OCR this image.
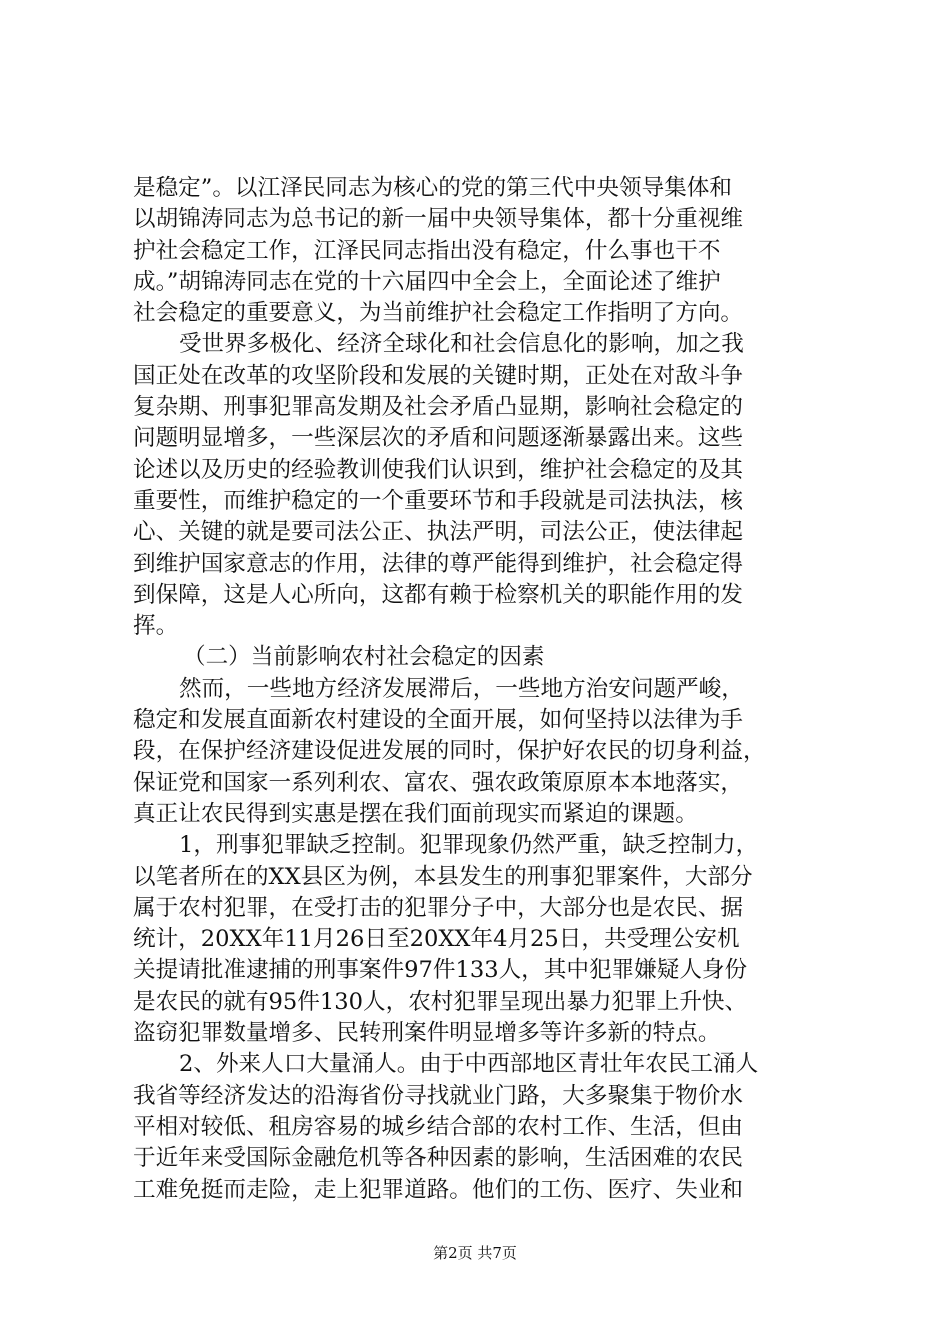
是稳定”。以江泽民同志为核心的党的第三代中央领导集体和
以胡锦涛同志为总书记的新一届中央领导集体，都十分重视维
护社会稳定工作，江泽民同志指出没有稳定，什么事也干不
成。”胡锦涛同志在党的十六届四中全会上，全面论述了维护
社会稳定的重要意义，为当前维护社会稳定工作指明了方向。
受世界多极化、经济全球化和社会信息化的影响，加之我
国正处在改革的攻坚阶段和发展的关键时期，正处在对敌斗争
复杂期、刑事犯罪高发期及社会矛盾凸显期，影响社会稳定的
问题明显增多，一些深层次的矛盾和问题逐渐暴露出来。这些
论述以及历史的经验教训使我们认识到，维护社会稳定的及其
重要性，而维护稳定的一个重要环节和手段就是司法执法，核
心、关键的就是要司法公正、执法严明，司法公正，使法律起
到维护国家意志的作用，法律的尊严能得到维护，社会稳定得
到保障，这是人心所向，这都有赖于检察机关的职能作用的发
挥。
（二）当前影响农村社会稳定的因素
然而，一些地方经济发展滞后，一些地方治安问题严峻，
稳定和发展直面新农村建设的全面开展，如何坚持以法律为手
段，在保护经济建设促进发展的同时，保护好农民的切身利益，
保证党和国家一系列利农、富农、强农政策原原本本地落实，
真正让农民得到实惠是摆在我们面前现实而紧迫的课题。
1，刑事犯罪缺乏控制。犯罪现象仍然严重，缺乏控制力，
以笔者所在的XX县区为例，本县发生的刑事犯罪案件，大部分
属于农村犯罪，在受打击的犯罪分子中，大部分也是农民、据
统计，20XX年11月26日至20XX年4月25日，共受理公安机
关提请批准逮捕的刑事案件97件133人，其中犯罪嫌疑人身份
是农民的就有95件130人，农村犯罪呈现出暴力犯罪上升快、
盗窃犯罪数量增多、民转刑案件明显增多等许多新的特点。
2、外来人口大量涌人。由于中西部地区青壮年农民工涌人
我省等经济发达的沿海省份寻找就业门路，大多聚集于物价水
平相对较低、租房容易的城乡结合部的农村工作、生活，但由
于近年来受国际金融危机等各种因素的影响，生活困难的农民
工难免挺而走险，走上犯罪道路。他们的工伤、医疗、失业和
第2页 共7页
